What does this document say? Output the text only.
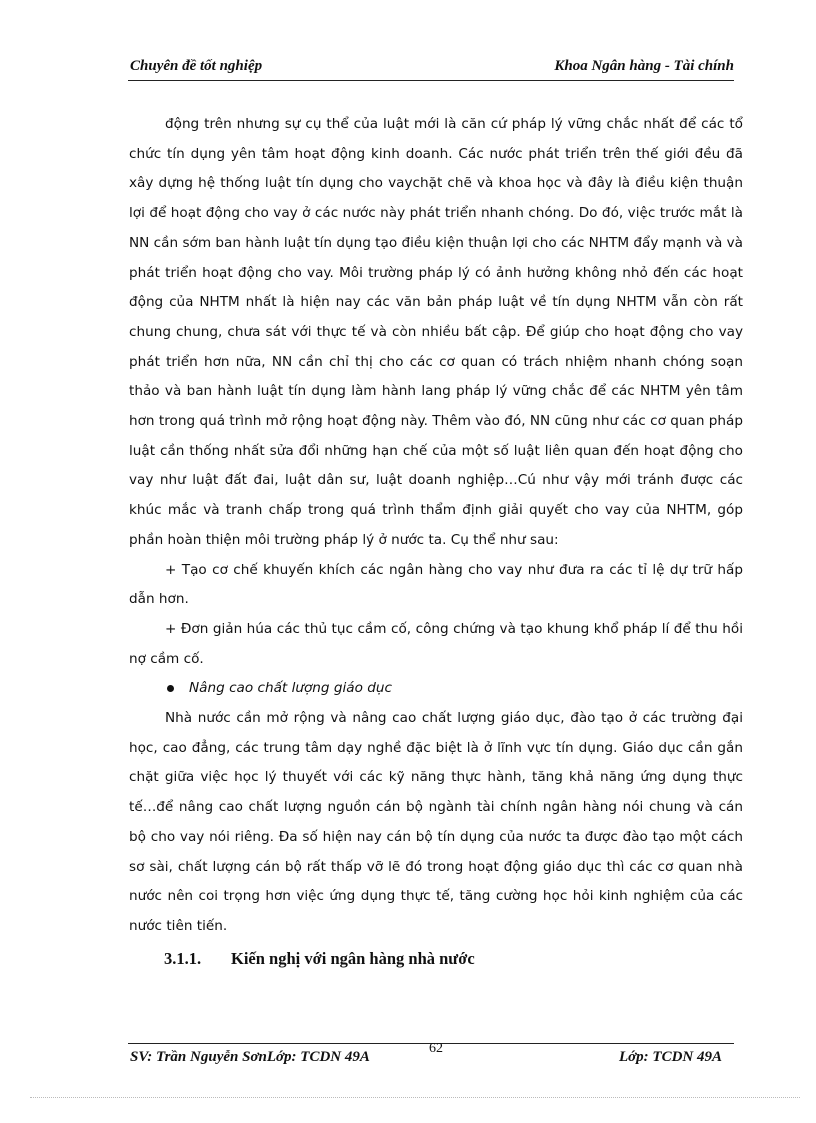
Chuyên đề tốt nghiệp	Khoa Ngân hàng - Tài chính

động trên nhưng sự cụ thể của luật mới là căn cứ pháp lý vững chắc nhất để các tổ chức tín dụng yên tâm hoạt động kinh doanh. Các nước phát triển trên thế giới đều đã xây dựng hệ thống luật tín dụng cho vaychặt chẽ và khoa học và đây là điều kiện thuận lợi để hoạt động cho vay ở các nước này phát triển nhanh chóng. Do đó, việc trước mắt là NN cần sớm ban hành luật tín dụng tạo điều kiện thuận lợi cho các NHTM đẩy mạnh và và phát triển hoạt động cho vay. Môi trường pháp lý có ảnh hưởng không nhỏ đến các hoạt động của NHTM nhất là hiện nay các văn bản pháp luật về tín dụng NHTM vẫn còn rất chung chung, chưa sát với thực tế và còn nhiều bất cập. Để giúp cho hoạt động cho vay phát triển hơn nữa, NN cần chỉ thị cho các cơ quan có trách nhiệm nhanh chóng soạn thảo và ban hành luật tín dụng làm hành lang pháp lý vững chắc để các NHTM yên tâm hơn trong quá trình mở rộng hoạt động này. Thêm vào đó, NN cũng như các cơ quan pháp luật cần thống nhất sửa đổi những hạn chế của một số luật liên quan đến hoạt động cho vay như luật đất đai, luật dân sư, luật doanh nghiệp…Cú như vậy mới tránh được các khúc mắc và tranh chấp trong quá trình thẩm định giải quyết cho vay của NHTM, góp phần hoàn thiện môi trường pháp lý ở nước ta. Cụ thể như sau:

+ Tạo cơ chế khuyến khích các ngân hàng cho vay như đưa ra các tỉ lệ dự trữ hấp dẫn hơn.

+ Đơn giản húa các thủ tục cầm cố, công chứng và tạo khung khổ pháp lí để thu hồi nợ cầm cố.

Nâng cao chất lượng giáo dục

Nhà nước cần mở rộng và nâng cao chất lượng giáo dục, đào tạo ở các trường đại học, cao đẳng, các trung tâm dạy nghề đặc biệt là ở lĩnh vực tín dụng. Giáo dục cần gắn chặt giữa việc học lý thuyết với các kỹ năng thực hành, tăng khả năng ứng dụng thực tế…để nâng cao chất lượng nguồn cán bộ ngành tài chính ngân hàng nói chung và cán bộ cho vay nói riêng. Đa số hiện nay cán bộ tín dụng của nước ta được đào tạo một cách sơ sài, chất lượng cán bộ rất thấp vỡ lẽ đó trong hoạt động giáo dục thì các cơ quan nhà nước nên coi trọng hơn việc ứng dụng thực tế, tăng cường học hỏi kinh nghiệm của các nước tiên tiến.

3.1.1. Kiến nghị với ngân hàng nhà nước
SV: Trần Nguyễn SơnLớp: TCDN 49A
62
Lớp: TCDN 49A
